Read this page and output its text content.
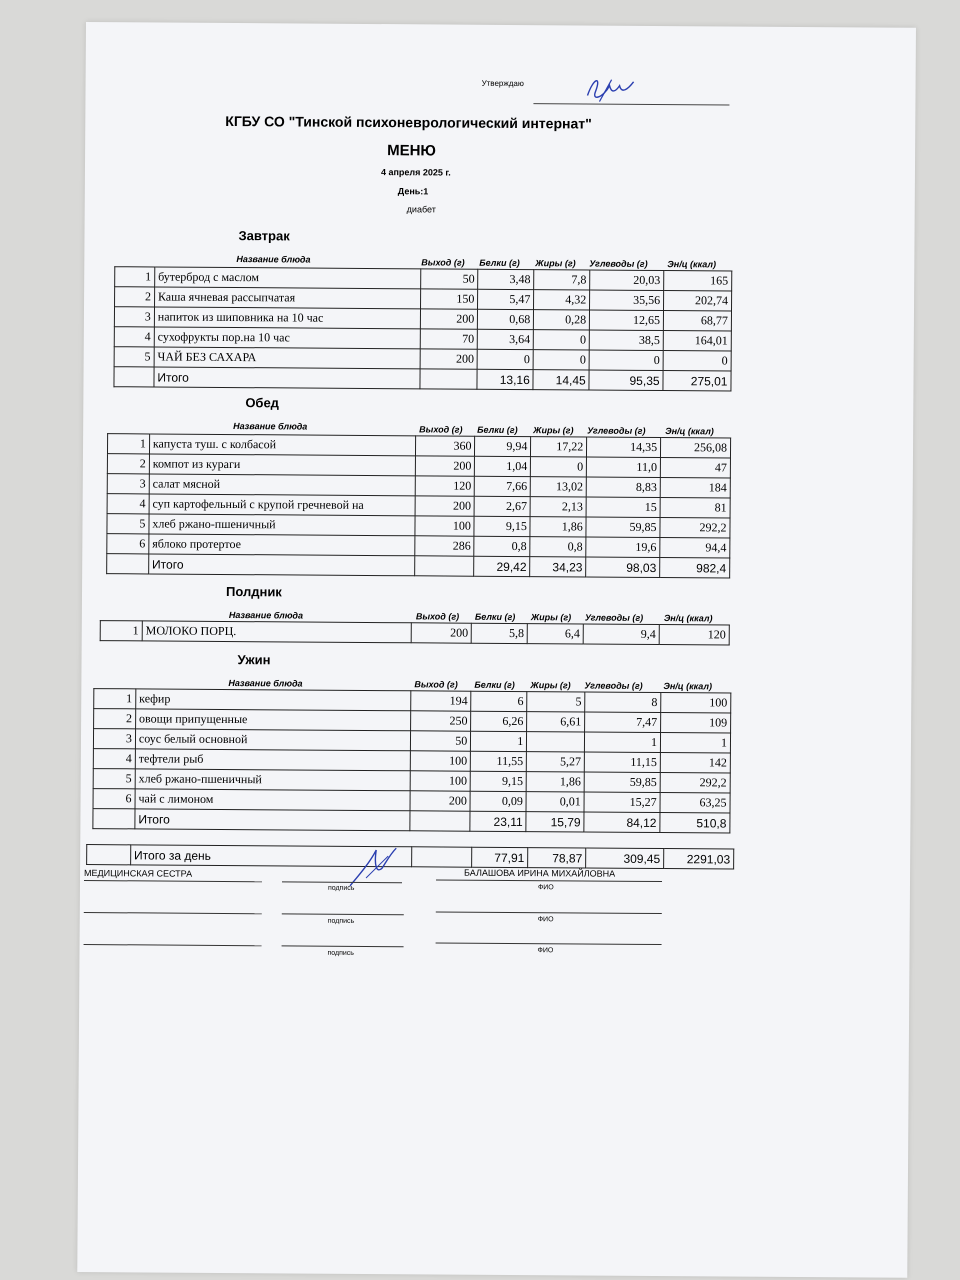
Утверждаю
КГБУ СО "Тинской психоневрологический интернат"
МЕНЮ
4 апреля 2025 г.
День:1
диабет
Завтрак
Название блюда	Выход (г) Белки (г) Жиры (г) Углеводы (г) Эн/ц (ккал)
1	бутерброд с маслом	50	3,48	7,8	20,03	165
2	Каша ячневая рассыпчатая	150	5,47	4,32	35,56	202,74
3	напиток из шиповника на 10 час	200	0,68	0,28	12,65	68,77
4	сухофрукты пор.на 10 час	70	3,64	0	38,5	164,01
5	ЧАЙ БЕЗ САХАРА	200	0	0	0	0
	Итого		13,16	14,45	95,35	275,01
Обед
Название блюда	Выход (г) Белки (г) Жиры (г) Углеводы (г) Эн/ц (ккал)
1	капуста туш. с колбасой	360	9,94	17,22	14,35	256,08
2	компот из кураги	200	1,04	0	11,0	47
3	салат мясной	120	7,66	13,02	8,83	184
4	суп картофельный с крупой гречневой на	200	2,67	2,13	15	81
5	хлеб ржано-пшеничный	100	9,15	1,86	59,85	292,2
6	яблоко протертое	286	0,8	0,8	19,6	94,4
	Итого		29,42	34,23	98,03	982,4
Полдник
Название блюда	Выход (г) Белки (г) Жиры (г) Углеводы (г) Эн/ц (ккал)
1	МОЛОКО ПОРЦ.	200	5,8	6,4	9,4	120
Ужин
Название блюда	Выход (г) Белки (г) Жиры (г) Углеводы (г) Эн/ц (ккал)
1	кефир	194	6	5	8	100
2	овощи припущенные	250	6,26	6,61	7,47	109
3	соус белый основной	50	1		1	1
4	тефтели рыб	100	11,55	5,27	11,15	142
5	хлеб ржано-пшеничный	100	9,15	1,86	59,85	292,2
6	чай с лимоном	200	0,09	0,01	15,27	63,25
	Итого		23,11	15,79	84,12	510,8
	Итого за день		77,91	78,87	309,45	2291,03
МЕДИЦИНСКАЯ СЕСТРА	БАЛАШОВА ИРИНА МИХАЙЛОВНА
подпись	ФИО
подпись	ФИО
подпись	ФИО
